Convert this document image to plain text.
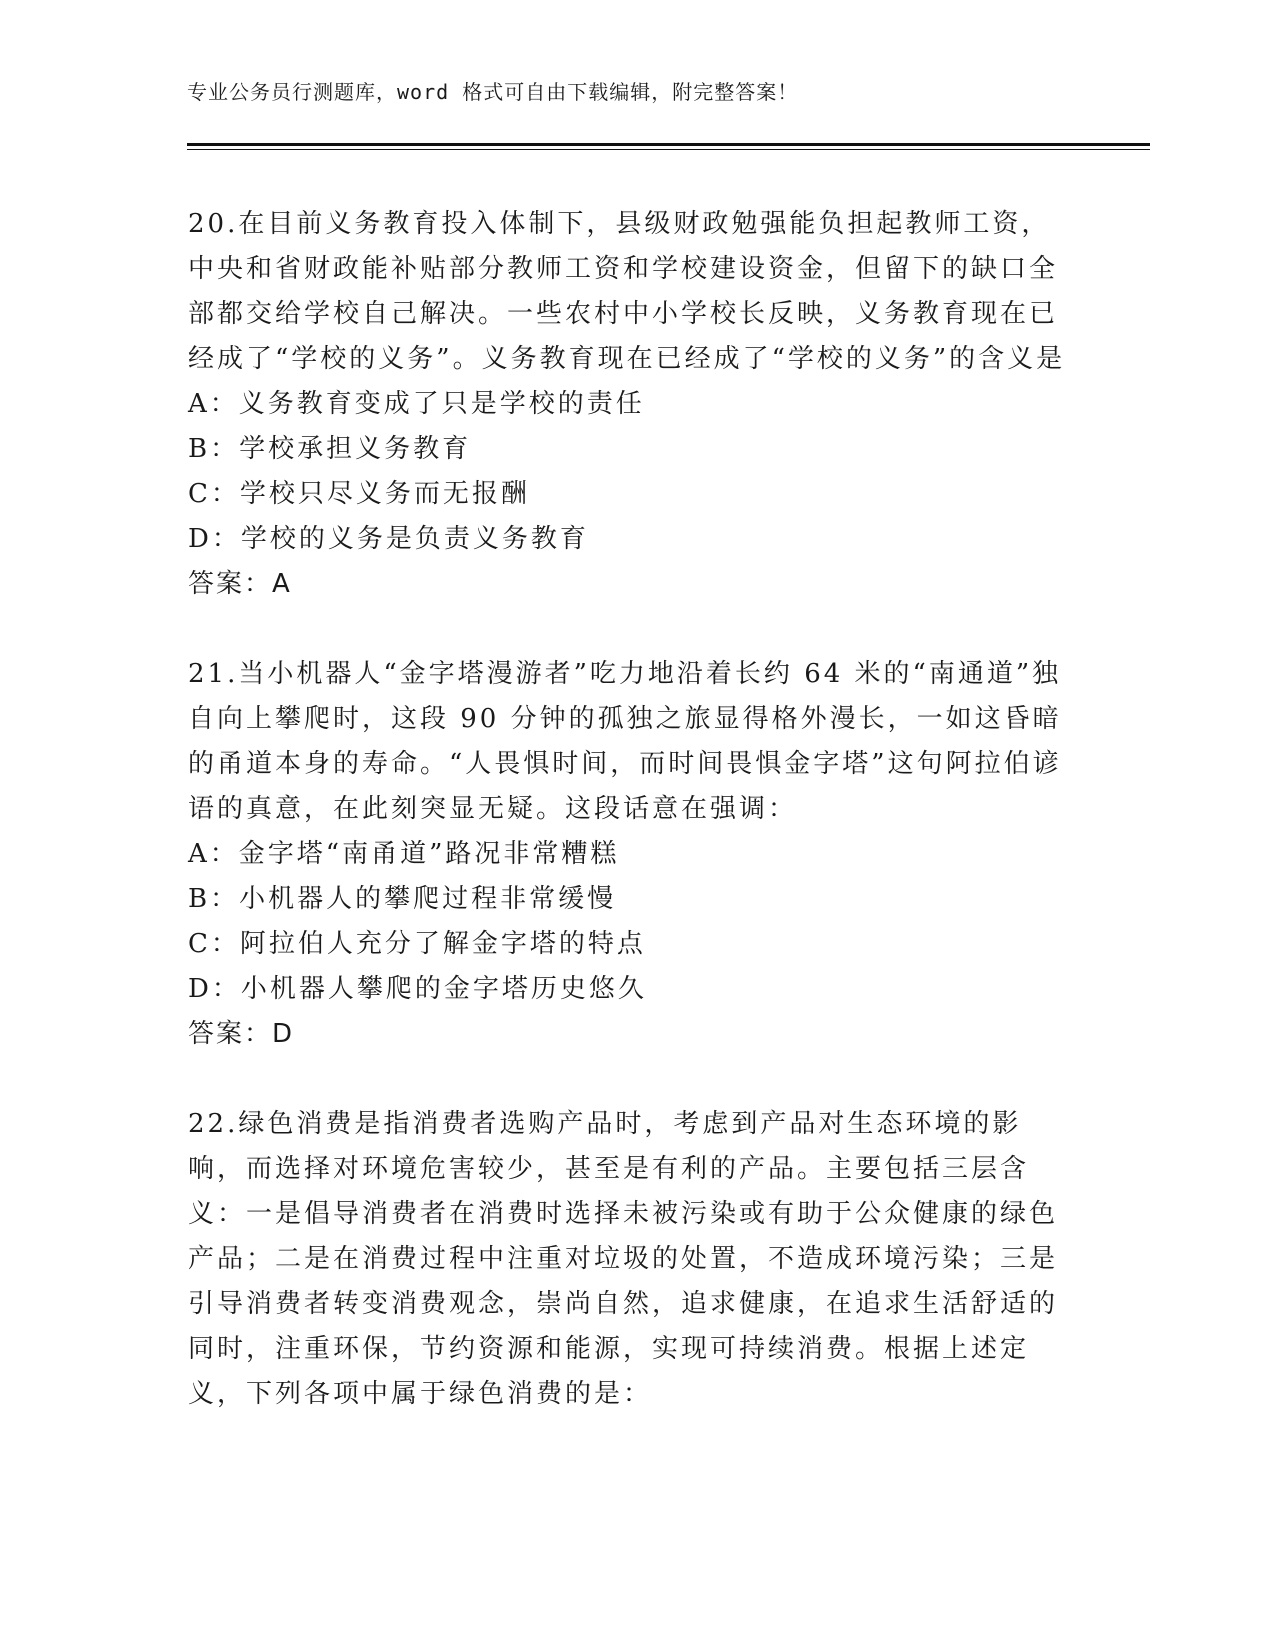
专业公务员行测题库，word 格式可自由下载编辑，附完整答案！

20.在目前义务教育投入体制下，县级财政勉强能负担起教师工资，中央和省财政能补贴部分教师工资和学校建设资金，但留下的缺口全部都交给学校自己解决。一些农村中小学校长反映，义务教育现在已经成了“学校的义务”。义务教育现在已经成了“学校的义务”的含义是

A：义务教育变成了只是学校的责任

B：学校承担义务教育

C：学校只尽义务而无报酬

D：学校的义务是负责义务教育

答案：A

21.当小机器人“金字塔漫游者”吃力地沿着长约 64 米的“南通道”独自向上攀爬时，这段 90 分钟的孤独之旅显得格外漫长，一如这昏暗的甬道本身的寿命。“人畏惧时间，而时间畏惧金字塔”这句阿拉伯谚语的真意，在此刻突显无疑。这段话意在强调：

A：金字塔“南甬道”路况非常糟糕

B：小机器人的攀爬过程非常缓慢

C：阿拉伯人充分了解金字塔的特点

D：小机器人攀爬的金字塔历史悠久

答案：D

22.绿色消费是指消费者选购产品时，考虑到产品对生态环境的影响，而选择对环境危害较少，甚至是有利的产品。主要包括三层含义：一是倡导消费者在消费时选择未被污染或有助于公众健康的绿色产品；二是在消费过程中注重对垃圾的处置，不造成环境污染；三是引导消费者转变消费观念，崇尚自然，追求健康，在追求生活舒适的同时，注重环保，节约资源和能源，实现可持续消费。根据上述定义，下列各项中属于绿色消费的是：
